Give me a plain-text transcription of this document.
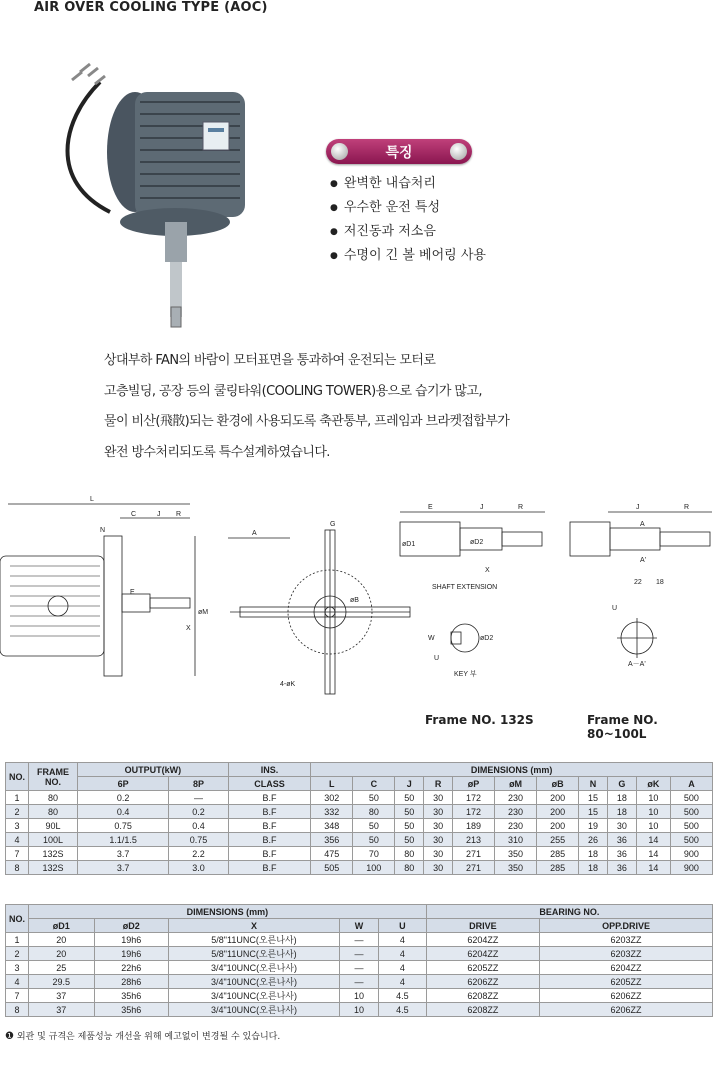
AIR OVER COOLING TYPE (AOC)
특징
● 완벽한 내습처리
● 우수한 운전 특성
● 저진동과 저소음
● 수명이 긴 볼 베어링 사용

상대부하 FAN의 바람이 모터표면을 통과하여 운전되는 모터로

고층빌딩, 공장 등의 쿨링타워(COOLING TOWER)용으로 습기가 많고,

물이 비산(飛散)되는 환경에 사용되도록 축관통부, 프레임과 브라켓접합부가

완전 방수처리되도록 특수설계하였습니다.

L
C	J R
N
E
X
øM
A
G
øB
4-øK
E	J	R
øD1	øD2
X
SHAFT EXTENSION
W
U
øD2
KEY 부
J	R
A
A'
22 18
U
A－A'
Frame NO. 132S	Frame NO. 80~100L
NO.	FRAME NO.	OUTPUT(kW)		INS.	DIMENSIONS (mm)										
		6P	8P	CLASS	L	C	J	R	øP	øM	øB	N	G	øK	A
1	80	0.2	—	B.F	302	50	50	30	172	230	200	15	18	10	500
2	80	0.4	0.2	B.F	332	80	50	30	172	230	200	15	18	10	500
3	90L	0.75	0.4	B.F	348	50	50	30	189	230	200	19	30	10	500
4	100L	1.1/1.5	0.75	B.F	356	50	50	30	213	310	255	26	36	14	500
7	132S	3.7	2.2	B.F	475	70	80	30	271	350	285	18	36	14	900
8	132S	3.7	3.0	B.F	505	100	80	30	271	350	285	18	36	14	900
NO.	DIMENSIONS (mm)					BEARING NO.	
	øD1	øD2	X	W	U	DRIVE	OPP.DRIVE
1	20	19h6	5/8"11UNC(오른나사)	—	4	6204ZZ	6203ZZ
2	20	19h6	5/8"11UNC(오른나사)	—	4	6204ZZ	6203ZZ
3	25	22h6	3/4"10UNC(오른나사)	—	4	6205ZZ	6204ZZ
4	29.5	28h6	3/4"10UNC(오른나사)	—	4	6206ZZ	6205ZZ
7	37	35h6	3/4"10UNC(오른나사)	10	4.5	6208ZZ	6206ZZ
8	37	35h6	3/4"10UNC(오른나사)	10	4.5	6208ZZ	6206ZZ
❶ 외관 및 규격은 제품성능 개선을 위해 예고없이 변경될 수 있습니다.
